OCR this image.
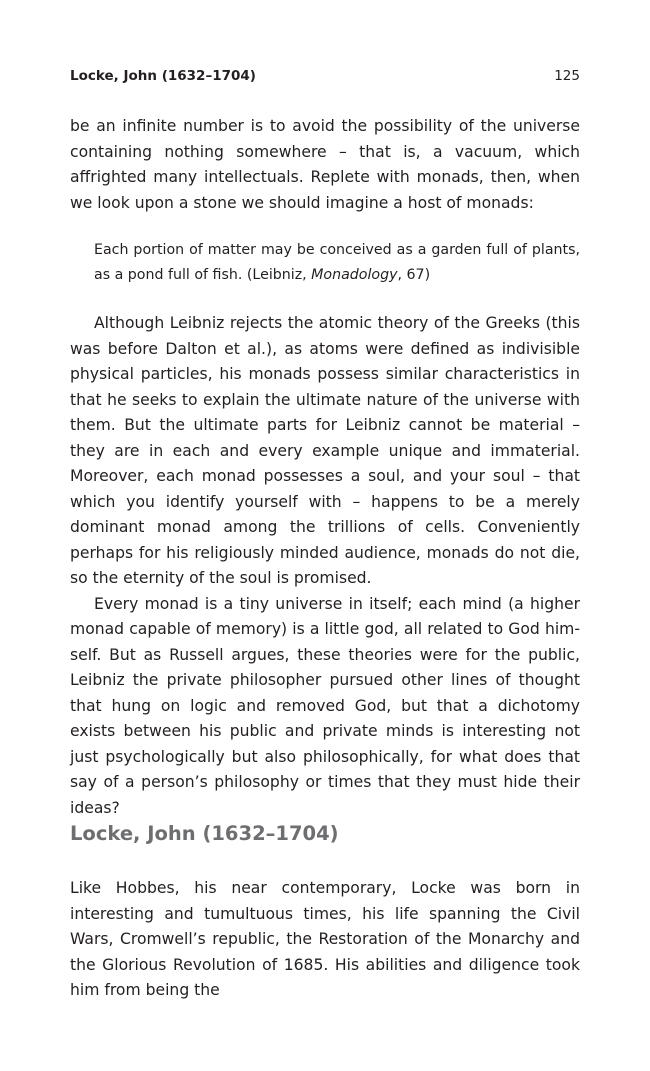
Locke, John (1632–1704)	125

be an infinite number is to avoid the possibility of the universe containing nothing somewhere – that is, a vacuum, which affrighted many intellectuals. Replete with monads, then, when we look upon a stone we should imagine a host of monads:

Each portion of matter may be conceived as a garden full of plants, as a pond full of fish. (Leibniz, Monadology, 67)

Although Leibniz rejects the atomic theory of the Greeks (this was before Dalton et al.), as atoms were defined as indivisible physical particles, his monads possess similar characteristics in that he seeks to explain the ultimate nature of the universe with them. But the ultimate parts for Leibniz cannot be material – they are in each and every example unique and immaterial. Moreover, each monad possesses a soul, and your soul – that which you identify yourself with – happens to be a merely dominant monad among the trillions of cells. Conveniently perhaps for his religiously minded audience, monads do not die, so the eternity of the soul is promised.

Every monad is a tiny universe in itself; each mind (a higher monad capable of memory) is a little god, all related to God himself. But as Russell argues, these theories were for the public, Leibniz the private philosopher pursued other lines of thought that hung on logic and removed God, but that a dichotomy exists between his public and private minds is interesting not just psychologically but also philosophically, for what does that say of a person’s philosophy or times that they must hide their ideas?

Locke, John (1632–1704)

Like Hobbes, his near contemporary, Locke was born in interesting and tumultuous times, his life spanning the Civil Wars, Cromwell’s republic, the Restoration of the Monarchy and the Glorious Revolution of 1685. His abilities and diligence took him from being the
